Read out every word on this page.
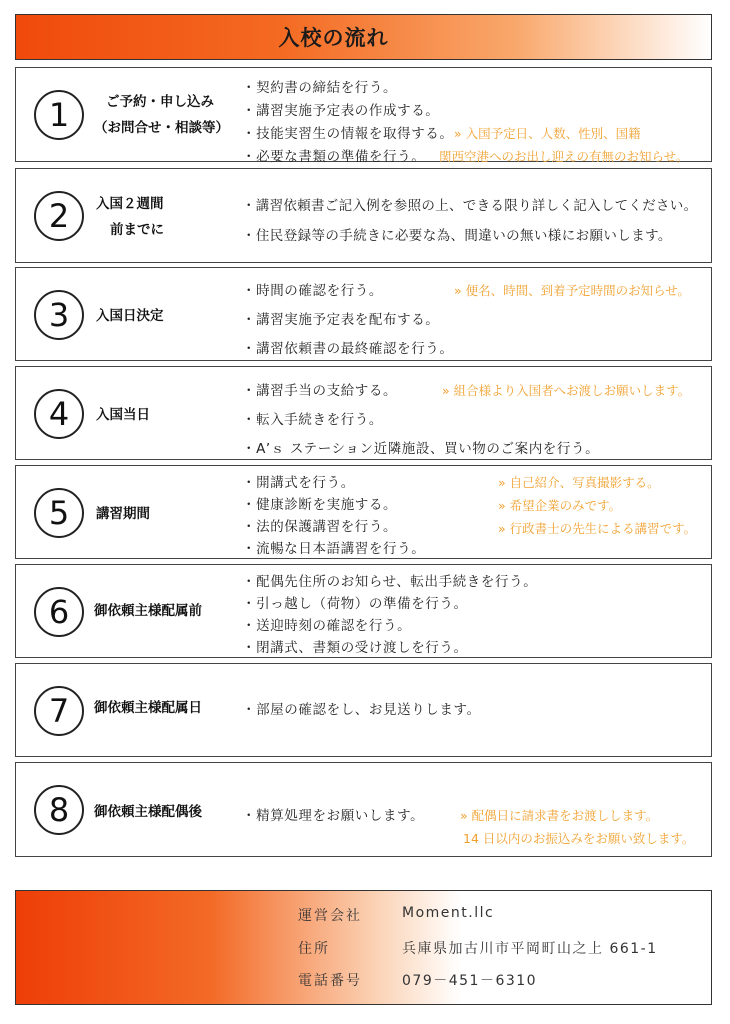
入校の流れ
1	ご予約・申し込み
（お問合せ・相談等）
・契約書の締結を行う。
・講習実施予定表の作成する。
・技能実習生の情報を取得する。
・必要な書類の準備を行う。
» 入国予定日、人数、性別、国籍
関西空港へのお出し迎えの有無のお知らせ。
2	入国２週間
前までに
・講習依頼書ご記入例を参照の上、できる限り詳しく記入してください。
・住民登録等の手続きに必要な為、間違いの無い様にお願いします。
3	入国日決定
・時間の確認を行う。
・講習実施予定表を配布する。
・講習依頼書の最終確認を行う。
» 便名、時間、到着予定時間のお知らせ。
4	入国当日
・講習手当の支給する。
・転入手続きを行う。
・A’ｓ ステーション近隣施設、買い物のご案内を行う。
» 組合様より入国者へお渡しお願いします。
5	講習期間
・開講式を行う。
・健康診断を実施する。
・法的保護講習を行う。
・流暢な日本語講習を行う。
» 自己紹介、写真撮影する。
» 希望企業のみです。
» 行政書士の先生による講習です。
6	御依頼主様配属前
・配偶先住所のお知らせ、転出手続きを行う。
・引っ越し（荷物）の準備を行う。
・送迎時刻の確認を行う。
・閉講式、書類の受け渡しを行う。
7	御依頼主様配属日	・部屋の確認をし、お見送りします。
8	御依頼主様配偶後	・精算処理をお願いします。	» 配偶日に請求書をお渡しします。
14 日以内のお振込みをお願い致します。
運営会社	Moment.llc
住所	兵庫県加古川市平岡町山之上 661-1
電話番号	079－451－6310
